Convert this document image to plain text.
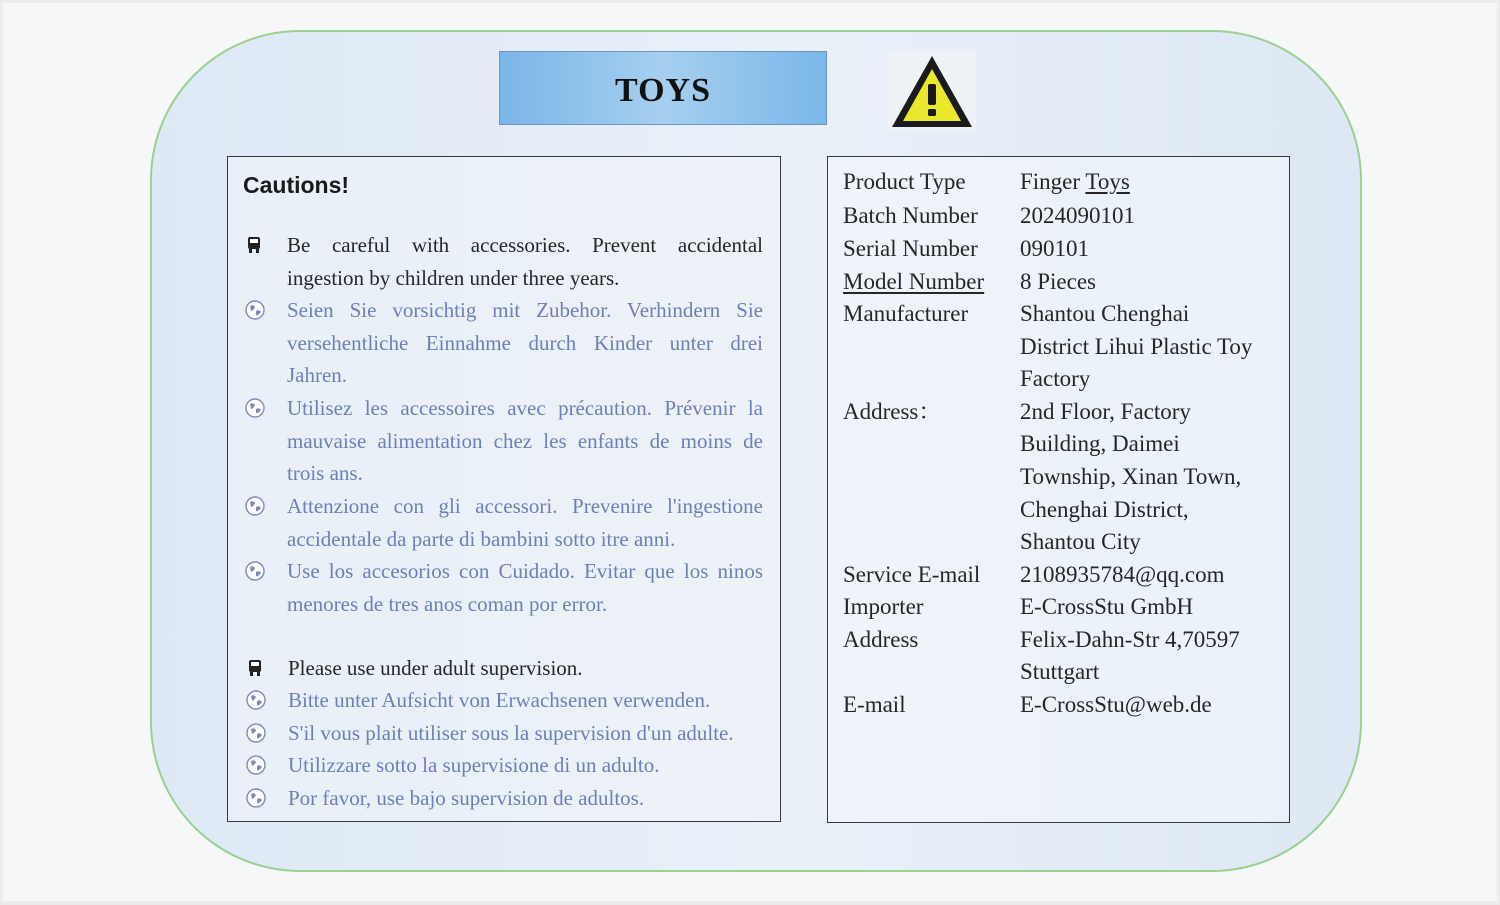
TOYS
Cautions!
Be careful with accessories. Prevent accidental ingestion by children under three years.
Seien Sie vorsichtig mit Zubehor. Verhindern Sie versehentliche Einnahme durch Kinder unter drei Jahren.
Utilisez les accessoires avec précaution. Prévenir la mauvaise alimentation chez les enfants de moins de trois ans.
Attenzione con gli accessori. Prevenire l'ingestione accidentale da parte di bambini sotto itre anni.
Use los accesorios con Cuidado. Evitar que los ninos menores de tres anos coman por error.
Please use under adult supervision.
Bitte unter Aufsicht von Erwachsenen verwenden.
S'il vous plait utiliser sous la supervision d'un adulte.
Utilizzare sotto la supervisione di un adulto.
Por favor, use bajo supervision de adultos.
Product Type Finger Toys
Batch Number 2024090101
Serial Number 090101
Model Number 8 Pieces
Manufacturer Shantou Chenghai
District Lihui Plastic Toy
Factory
Address：	2nd Floor, Factory
Building, Daimei
Township, Xinan Town,
Chenghai District,
Shantou City
Service E-mail 2108935784@qq.com
Importer	E-CrossStu GmbH
Address	Felix-Dahn-Str 4,70597
Stuttgart
E-mail	E-CrossStu@web.de
